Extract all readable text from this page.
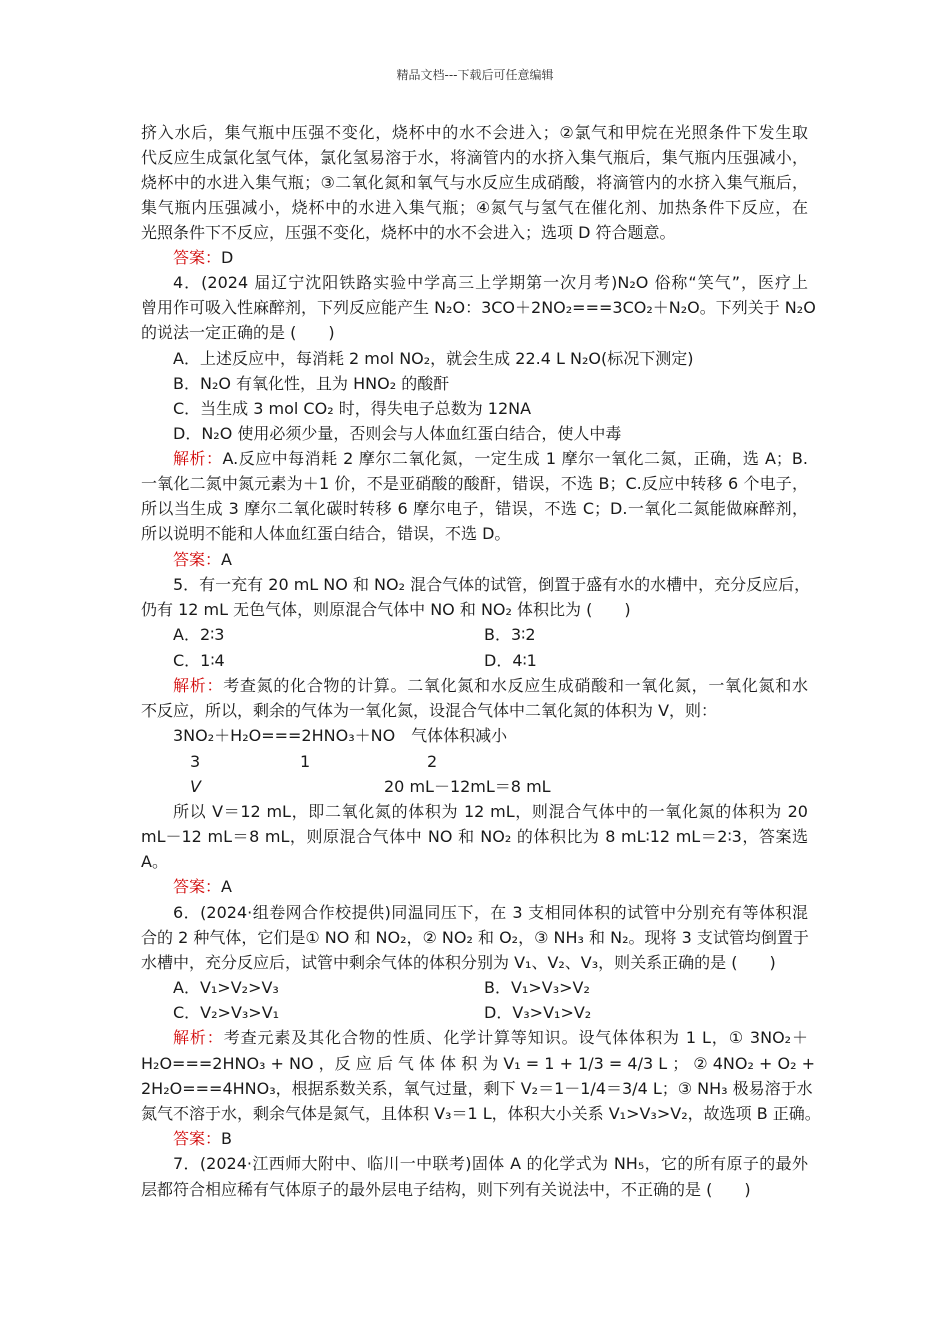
精品文档---下载后可任意编辑
挤入水后，集气瓶中压强不变化，烧杯中的水不会进入；②氯气和甲烷在光照条件下发生取
代反应生成氯化氢气体，氯化氢易溶于水，将滴管内的水挤入集气瓶后，集气瓶内压强减小，
烧杯中的水进入集气瓶；③二氧化氮和氧气与水反应生成硝酸，将滴管内的水挤入集气瓶后，
集气瓶内压强减小，烧杯中的水进入集气瓶；④氮气与氢气在催化剂、加热条件下反应，在
光照条件下不反应，压强不变化，烧杯中的水不会进入；选项 D 符合题意。
答案：D
4．(2024 届辽宁沈阳铁路实验中学高三上学期第一次月考)N₂O 俗称“笑气”，医疗上
曾用作可吸入性麻醉剂，下列反应能产生 N₂O：3CO＋2NO₂===3CO₂＋N₂O。下列关于 N₂O
的说法一定正确的是 (　　)
A．上述反应中，每消耗 2 mol NO₂，就会生成 22.4 L N₂O(标况下测定)
B．N₂O 有氧化性，且为 HNO₂ 的酸酐
C．当生成 3 mol CO₂ 时，得失电子总数为 12NA
D．N₂O 使用必须少量，否则会与人体血红蛋白结合，使人中毒
解析：A.反应中每消耗 2 摩尔二氧化氮，一定生成 1 摩尔一氧化二氮，正确，选 A；B.
一氧化二氮中氮元素为＋1 价，不是亚硝酸的酸酐，错误，不选 B；C.反应中转移 6 个电子，
所以当生成 3 摩尔二氧化碳时转移 6 摩尔电子，错误，不选 C；D.一氧化二氮能做麻醉剂，
所以说明不能和人体血红蛋白结合，错误，不选 D。
答案：A
5．有一充有 20 mL NO 和 NO₂ 混合气体的试管，倒置于盛有水的水槽中，充分反应后，
仍有 12 mL 无色气体，则原混合气体中 NO 和 NO₂ 体积比为 (　　)
A．2∶3	B．3∶2
C．1∶4	D．4∶1
解析：考查氮的化合物的计算。二氧化氮和水反应生成硝酸和一氧化氮，一氧化氮和水
不反应，所以，剩余的气体为一氧化氮，设混合气体中二氧化氮的体积为 V，则：
3NO₂＋H₂O===2HNO₃＋NO　气体体积减小
3	1	2
V	20 mL－12mL＝8 mL
所以 V＝12 mL，即二氧化氮的体积为 12 mL，则混合气体中的一氧化氮的体积为 20
mL－12 mL＝8 mL，则原混合气体中 NO 和 NO₂ 的体积比为 8 mL∶12 mL＝2∶3，答案选
A。
答案：A
6．(2024·组卷网合作校提供)同温同压下，在 3 支相同体积的试管中分别充有等体积混
合的 2 种气体，它们是① NO 和 NO₂，② NO₂ 和 O₂，③ NH₃ 和 N₂。现将 3 支试管均倒置于
水槽中，充分反应后，试管中剩余气体的体积分别为 V₁、V₂、V₃，则关系正确的是 (　　)
A．V₁>V₂>V₃	B．V₁>V₃>V₂
C．V₂>V₃>V₁	D．V₃>V₁>V₂
解析：考查元素及其化合物的性质、化学计算等知识。设气体体积为 1 L，① 3NO₂＋
H₂O===2HNO₃ + NO ，反 应 后 气 体 体 积 为 V₁ = 1 + 1/3 = 4/3 L ； ② 4NO₂ + O₂ +
2H₂O===4HNO₃，根据系数关系，氧气过量，剩下 V₂＝1－1/4＝3/4 L；③ NH₃ 极易溶于水
氮气不溶于水，剩余气体是氮气，且体积 V₃＝1 L，体积大小关系 V₁>V₃>V₂，故选项 B 正确。
答案：B
7．(2024·江西师大附中、临川一中联考)固体 A 的化学式为 NH₅，它的所有原子的最外
层都符合相应稀有气体原子的最外层电子结构，则下列有关说法中，不正确的是 (　　)
